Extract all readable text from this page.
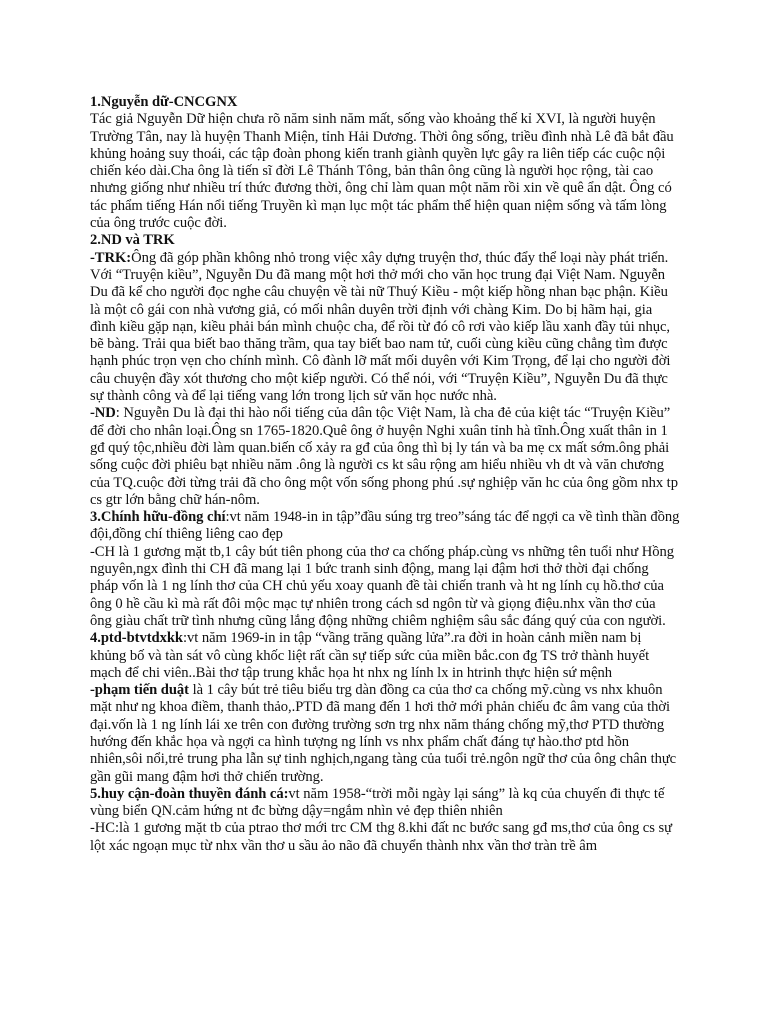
1.Nguyễn dữ-CNCGNX

Tác giả Nguyễn Dữ hiện chưa rõ năm sinh năm mất, sống vào khoảng thế kỉ XVI, là người huyện Trường Tân, nay là huyện Thanh Miện, tỉnh Hải Dương. Thời ông sống, triều đình nhà Lê đã bắt đầu khủng hoảng suy thoái, các tập đoàn phong kiến tranh giành quyền lực gây ra liên tiếp các cuộc nội chiến kéo dài.Cha ông là tiến sĩ đời Lê Thánh Tông, bản thân ông cũng là người học rộng, tài cao nhưng giống như nhiều trí thức đương thời, ông chỉ làm quan một năm rồi xin về quê ẩn dật. Ông có tác phẩm tiếng Hán nổi tiếng Truyền kì mạn lục một tác phẩm thể hiện quan niệm sống và tấm lòng của ông trước cuộc đời.

2.ND và TRK

-TRK:Ông đã góp phần không nhỏ trong việc xây dựng truyện thơ, thúc đẩy thể loại này phát triển. Với “Truyện kiều”, Nguyễn Du đã mang một hơi thở mới cho văn học trung đại Việt Nam. Nguyễn Du đã kể cho người đọc nghe câu chuyện về tài nữ Thuý Kiều - một kiếp hồng nhan bạc phận. Kiều là một cô gái con nhà vương giả, có mối nhân duyên trời định với chàng Kim. Do bị hãm hại, gia đình kiều gặp nạn, kiều phải bán mình chuộc cha, để rồi từ đó cô rơi vào kiếp lầu xanh đầy tủi nhục, bẽ bàng. Trải qua biết bao thăng trầm, qua tay biết bao nam tử, cuối cùng kiều cũng chẳng tìm được hạnh phúc trọn vẹn cho chính mình. Cô đành lỡ mất mối duyên với Kim Trọng, để lại cho người đời câu chuyện đầy xót thương cho một kiếp người. Có thể nói, với “Truyện Kiều”, Nguyễn Du đã thực sự thành công và để lại tiếng vang lớn trong lịch sử văn học nước nhà.

-ND: Nguyễn Du là đại thi hào nổi tiếng của dân tộc Việt Nam, là cha đẻ của kiệt tác “Truyện Kiều” để đời cho nhân loại.Ông sn 1765-1820.Quê ông ở huyện Nghi xuân tỉnh hà tĩnh.Ông xuất thân in 1 gđ quý tộc,nhiều đời làm quan.biến cố xảy ra gđ của ông thì bị ly tán và ba mẹ cx mất sớm.ông phải sống cuộc đời phiêu bạt nhiều năm .ông là người cs kt sâu rộng am hiểu nhiều vh dt và văn chương của TQ.cuộc đời từng trải đã cho ông một vốn sống phong phú .sự nghiệp văn hc của ông gồm nhx tp cs gtr lớn bằng chữ hán-nôm.

3.Chính hữu-đồng chí:vt năm 1948-in in tập”đầu súng trg treo”sáng tác để ngợi ca về tình thần đồng đội,đồng chí thiêng liêng cao đẹp

-CH là 1 gương mặt tb,1 cây bút tiên phong của thơ ca chống pháp.cùng vs những tên tuổi như Hồng nguyên,ngx đình thi CH đã mang lại 1 bức tranh sinh động, mang lại đậm hơi thở thời đại chống pháp vốn là 1 ng lính thơ của CH chủ yếu xoay quanh đề tài chiến tranh và ht ng lính cụ hồ.thơ của ông 0 hề cầu kì mà rất đôi mộc mạc tự nhiên trong cách sd ngôn từ và giọng điệu.nhx vần thơ của ông giàu chất trữ tình nhưng cũng lắng động những chiêm nghiệm sâu sắc đáng quý của con người.

4.ptd-btvtdxkk:vt năm 1969-in in tập “vầng trăng quầng lửa”.ra đời in hoàn cảnh miền nam bị khủng bố và tàn sát vô cùng khốc liệt rất cần sự tiếp sức của miền bắc.con đg TS trở thành huyết mạch để chi viên..Bài thơ tập trung khắc họa ht nhx ng lính lx in htrinh thực hiện sứ mệnh

-phạm tiến duật là 1 cây bút trẻ tiêu biểu trg dàn đồng ca của thơ ca chống mỹ.cùng vs nhx khuôn mặt như ng khoa điềm, thanh thảo,.PTD đã mang đến 1 hơi thở mới phản chiếu đc âm vang của thời đại.vốn là 1 ng lính lái xe trên con đường trường sơn trg nhx năm tháng chống mỹ,thơ PTD thường hướng đến khắc họa và ngợi ca hình tượng ng lính vs nhx phẩm chất đáng tự hào.thơ ptd hồn nhiên,sôi nổi,trẻ trung pha lẫn sự tinh nghịch,ngang tàng của tuổi trẻ.ngôn ngữ thơ của ông chân thực gần gũi mang đậm hơi thở chiến trường.

5.huy cận-đoàn thuyền đánh cá:vt năm 1958-“trời mỗi ngày lại sáng” là kq của chuyến đi thực tế vùng biển QN.cảm hứng nt đc bừng dậy=ngắm nhìn vẻ đẹp thiên nhiên

-HC:là 1 gương mặt tb của ptrao thơ mới trc CM thg 8.khi đất nc bước sang gđ ms,thơ của ông cs sự lột xác ngoạn mục từ nhx vần thơ u sầu ảo não đã chuyển thành nhx vần thơ tràn trề âm
